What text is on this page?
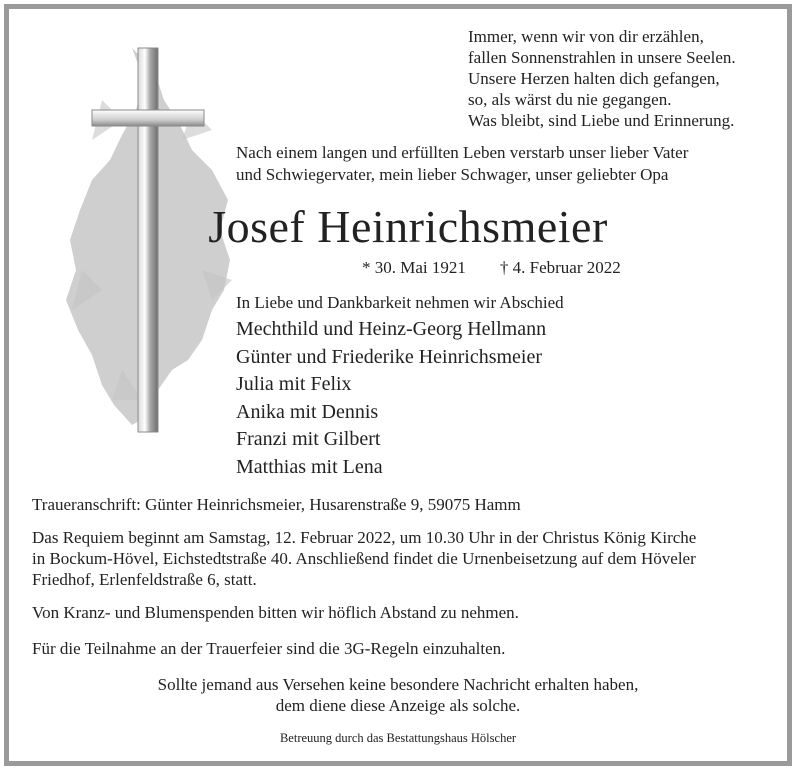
Immer, wenn wir von dir erzählen,
fallen Sonnenstrahlen in unsere Seelen.
Unsere Herzen halten dich gefangen,
so, als wärst du nie gegangen.
Was bleibt, sind Liebe und Erinnerung.
Nach einem langen und erfüllten Leben verstarb unser lieber Vater
und Schwiegervater, mein lieber Schwager, unser geliebter Opa
Josef Heinrichsmeier
* 30. Mai 1921 † 4. Februar 2022
In Liebe und Dankbarkeit nehmen wir Abschied
Mechthild und Heinz-Georg Hellmann
Günter und Friederike Heinrichsmeier
Julia mit Felix
Anika mit Dennis
Franzi mit Gilbert
Matthias mit Lena
Traueranschrift: Günter Heinrichsmeier, Husarenstraße 9, 59075 Hamm
Das Requiem beginnt am Samstag, 12. Februar 2022, um 10.30 Uhr in der Christus König Kirche
in Bockum-Hövel, Eichstedtstraße 40. Anschließend findet die Urnenbeisetzung auf dem Höveler
Friedhof, Erlenfeldstraße 6, statt.
Von Kranz- und Blumenspenden bitten wir höflich Abstand zu nehmen.
Für die Teilnahme an der Trauerfeier sind die 3G-Regeln einzuhalten.
Sollte jemand aus Versehen keine besondere Nachricht erhalten haben,
dem diene diese Anzeige als solche.
Betreuung durch das Bestattungshaus Hölscher
